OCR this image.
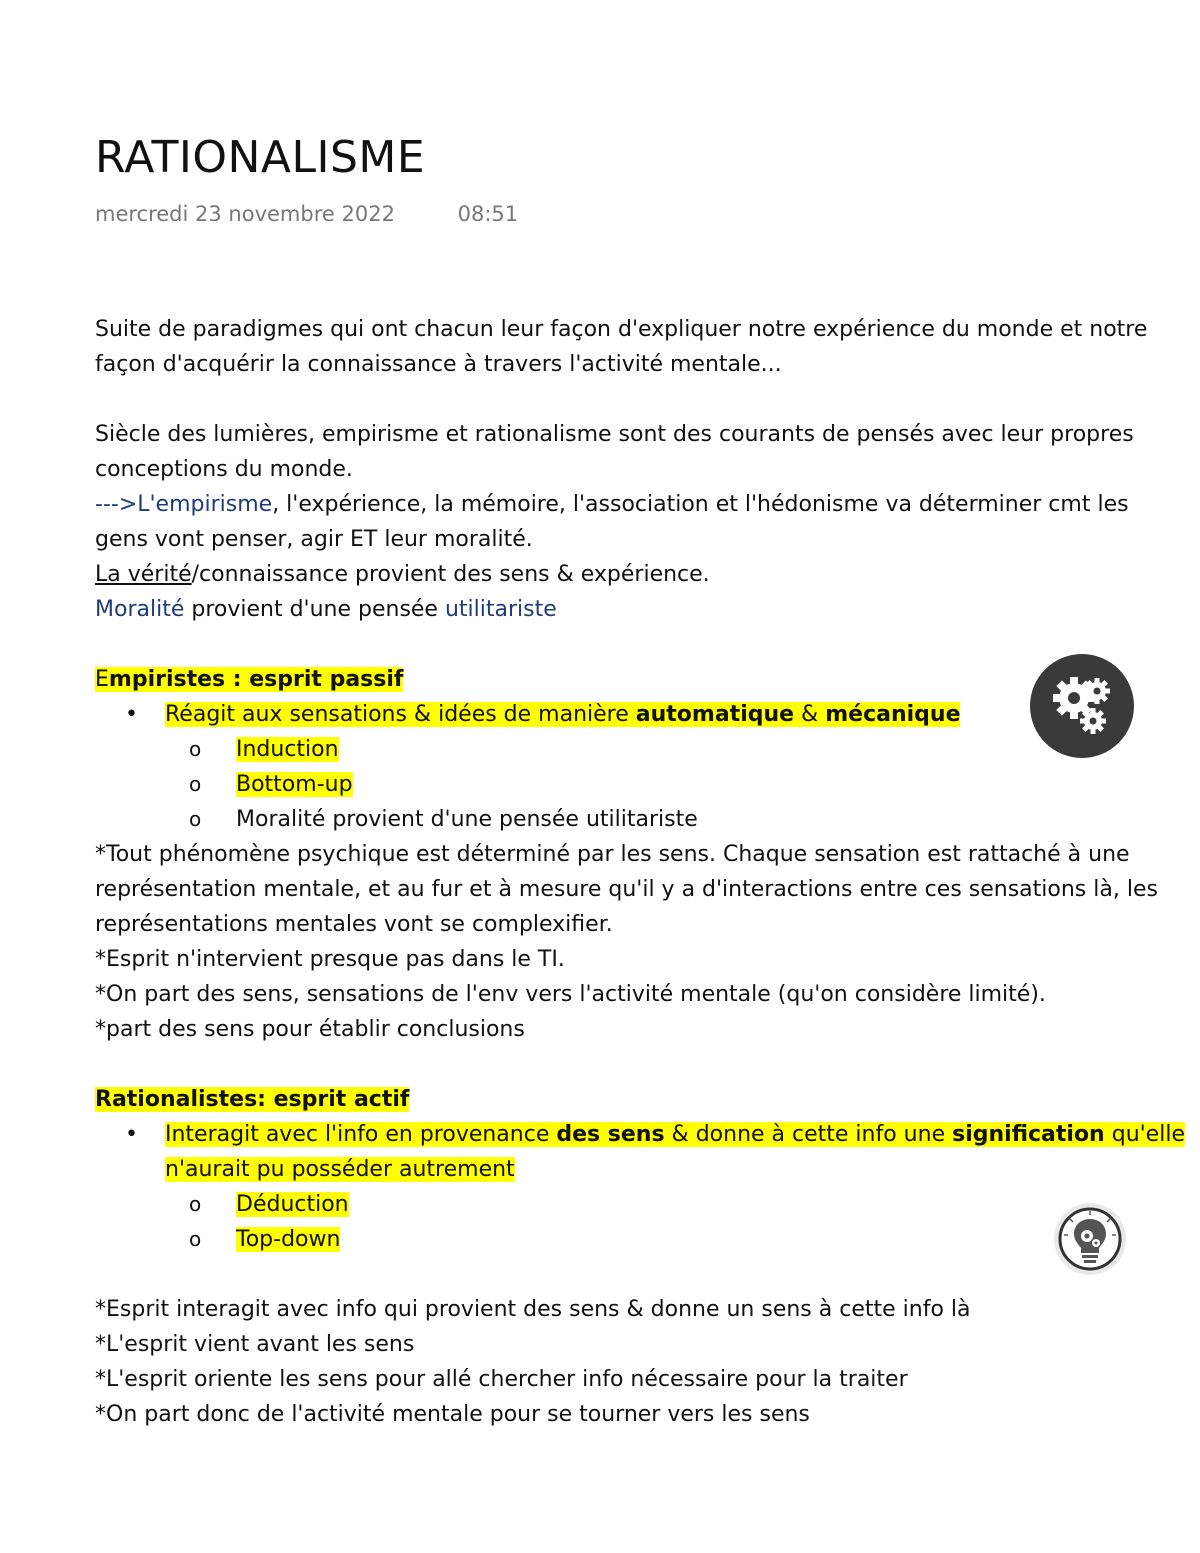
RATIONALISME
mercredi 23 novembre 2022	08:51
Suite de paradigmes qui ont chacun leur façon d'expliquer notre expérience du monde et notre
façon d'acquérir la connaissance à travers l'activité mentale...
Siècle des lumières, empirisme et rationalisme sont des courants de pensés avec leur propres
conceptions du monde.
--->L'empirisme, l'expérience, la mémoire, l'association et l'hédonisme va déterminer cmt les
gens vont penser, agir ET leur moralité.
La vérité/connaissance provient des sens & expérience.
Moralité provient d'une pensée utilitariste
Empiristes : esprit passif
• Réagit aux sensations & idées de manière automatique & mécanique
o Induction
o Bottom-up
o Moralité provient d'une pensée utilitariste
*Tout phénomène psychique est déterminé par les sens. Chaque sensation est rattaché à une
représentation mentale, et au fur et à mesure qu'il y a d'interactions entre ces sensations là, les
représentations mentales vont se complexifier.
*Esprit n'intervient presque pas dans le TI.
*On part des sens, sensations de l'env vers l'activité mentale (qu'on considère limité).
*part des sens pour établir conclusions
Rationalistes: esprit actif
• Interagit avec l'info en provenance des sens & donne à cette info une signification qu'elle
n'aurait pu posséder autrement
o Déduction
o Top-down
*Esprit interagit avec info qui provient des sens & donne un sens à cette info là
*L'esprit vient avant les sens
*L'esprit oriente les sens pour allé chercher info nécessaire pour la traiter
*On part donc de l'activité mentale pour se tourner vers les sens
